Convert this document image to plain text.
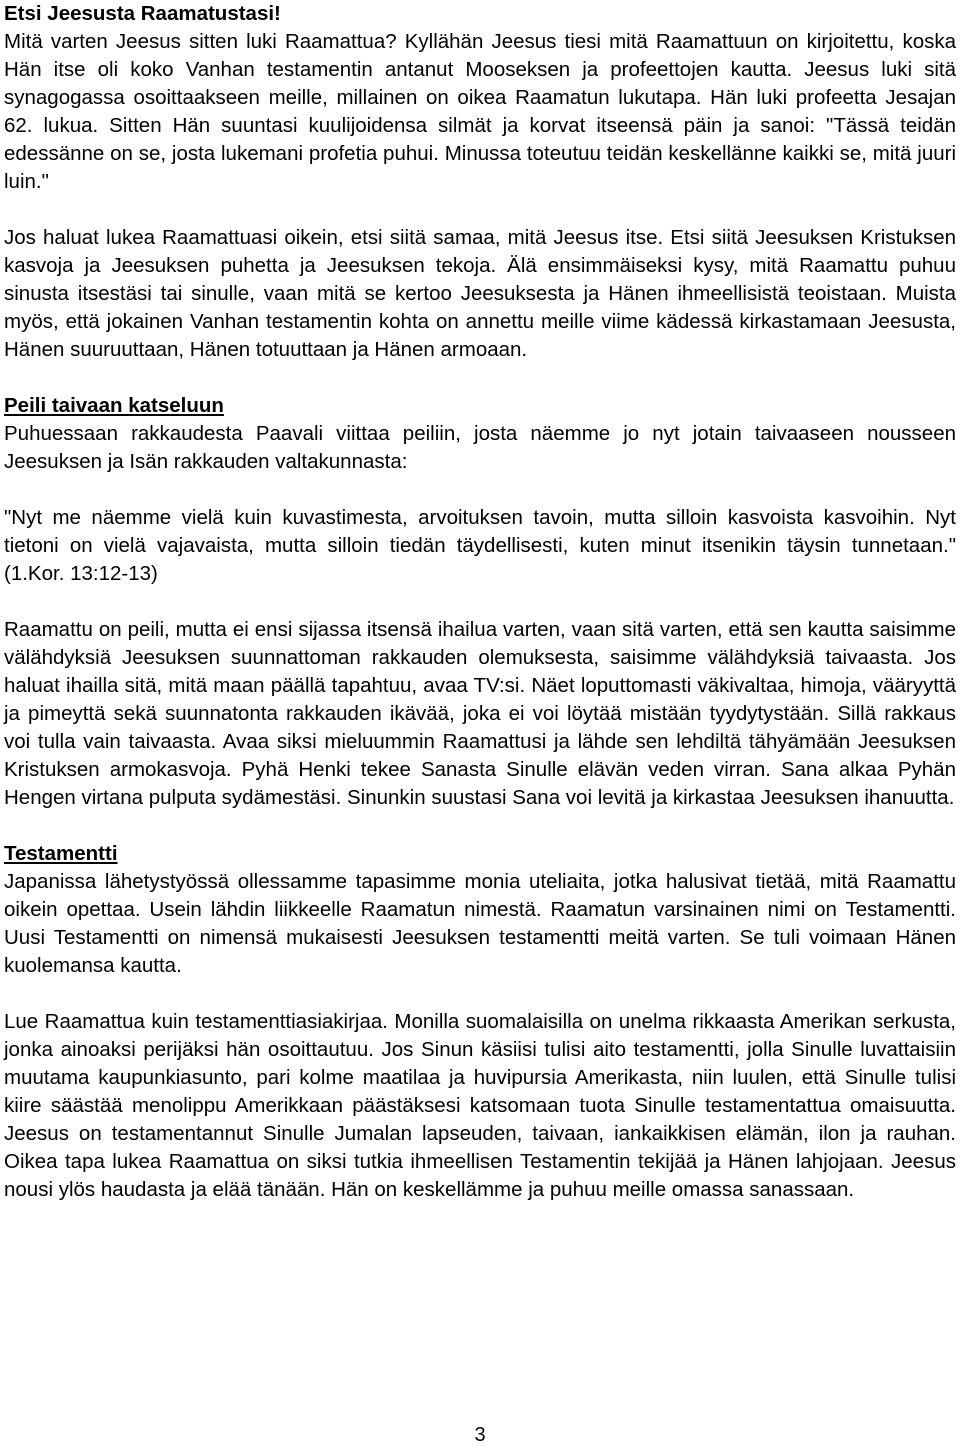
Etsi Jeesusta Raamatustasi!

Mitä varten Jeesus sitten luki Raamattua? Kyllähän Jeesus tiesi mitä Raamattuun on kirjoitettu, koska Hän itse oli koko Vanhan testamentin antanut Mooseksen ja profeettojen kautta. Jeesus luki sitä synagogassa osoittaakseen meille, millainen on oikea Raamatun lukutapa. Hän luki profeetta Jesajan 62. lukua. Sitten Hän suuntasi kuulijoidensa silmät ja korvat itseensä päin ja sanoi: "Tässä teidän edessänne on se, josta lukemani profetia puhui. Minussa toteutuu teidän keskellänne kaikki se, mitä juuri luin."

Jos haluat lukea Raamattuasi oikein, etsi siitä samaa, mitä Jeesus itse. Etsi siitä Jeesuksen Kristuksen kasvoja ja Jeesuksen puhetta ja Jeesuksen tekoja. Älä ensimmäiseksi kysy, mitä Raamattu puhuu sinusta itsestäsi tai sinulle, vaan mitä se kertoo Jeesuksesta ja Hänen ihmeellisistä teoistaan. Muista myös, että jokainen Vanhan testamentin kohta on annettu meille viime kädessä kirkastamaan Jeesusta, Hänen suuruuttaan, Hänen totuuttaan ja Hänen armoaan.

Peili taivaan katseluun

Puhuessaan rakkaudesta Paavali viittaa peiliin, josta näemme jo nyt jotain taivaaseen nousseen Jeesuksen ja Isän rakkauden valtakunnasta:

"Nyt me näemme vielä kuin kuvastimesta, arvoituksen tavoin, mutta silloin kasvoista kasvoihin. Nyt tietoni on vielä vajavaista, mutta silloin tiedän täydellisesti, kuten minut itsenikin täysin tunnetaan." (1.Kor. 13:12-13)

Raamattu on peili, mutta ei ensi sijassa itsensä ihailua varten, vaan sitä varten, että sen kautta saisimme välähdyksiä Jeesuksen suunnattoman rakkauden olemuksesta, saisimme välähdyksiä taivaasta. Jos haluat ihailla sitä, mitä maan päällä tapahtuu, avaa TV:si. Näet loputtomasti väkivaltaa, himoja, vääryyttä ja pimeyttä sekä suunnatonta rakkauden ikävää, joka ei voi löytää mistään tyydytystään. Sillä rakkaus voi tulla vain taivaasta. Avaa siksi mieluummin Raamattusi ja lähde sen lehdiltä tähyämään Jeesuksen Kristuksen armokasvoja. Pyhä Henki tekee Sanasta Sinulle elävän veden virran. Sana alkaa Pyhän Hengen virtana pulputa sydämestäsi. Sinunkin suustasi Sana voi levitä ja kirkastaa Jeesuksen ihanuutta.

Testamentti

Japanissa lähetystyössä ollessamme tapasimme monia uteliaita, jotka halusivat tietää, mitä Raamattu oikein opettaa. Usein lähdin liikkeelle Raamatun nimestä. Raamatun varsinainen nimi on Testamentti. Uusi Testamentti on nimensä mukaisesti Jeesuksen testamentti meitä varten. Se tuli voimaan Hänen kuolemansa kautta.

Lue Raamattua kuin testamenttiasiakirjaa. Monilla suomalaisilla on unelma rikkaasta Amerikan serkusta, jonka ainoaksi perijäksi hän osoittautuu. Jos Sinun käsiisi tulisi aito testamentti, jolla Sinulle luvattaisiin muutama kaupunkiasunto, pari kolme maatilaa ja huvipursia Amerikasta, niin luulen, että Sinulle tulisi kiire säästää menolippu Amerikkaan päästäksesi katsomaan tuota Sinulle testamentattua omaisuutta. Jeesus on testamentannut Sinulle Jumalan lapseuden, taivaan, iankaikkisen elämän, ilon ja rauhan. Oikea tapa lukea Raamattua on siksi tutkia ihmeellisen Testamentin tekijää ja Hänen lahjojaan. Jeesus nousi ylös haudasta ja elää tänään. Hän on keskellämme ja puhuu meille omassa sanassaan.

3
